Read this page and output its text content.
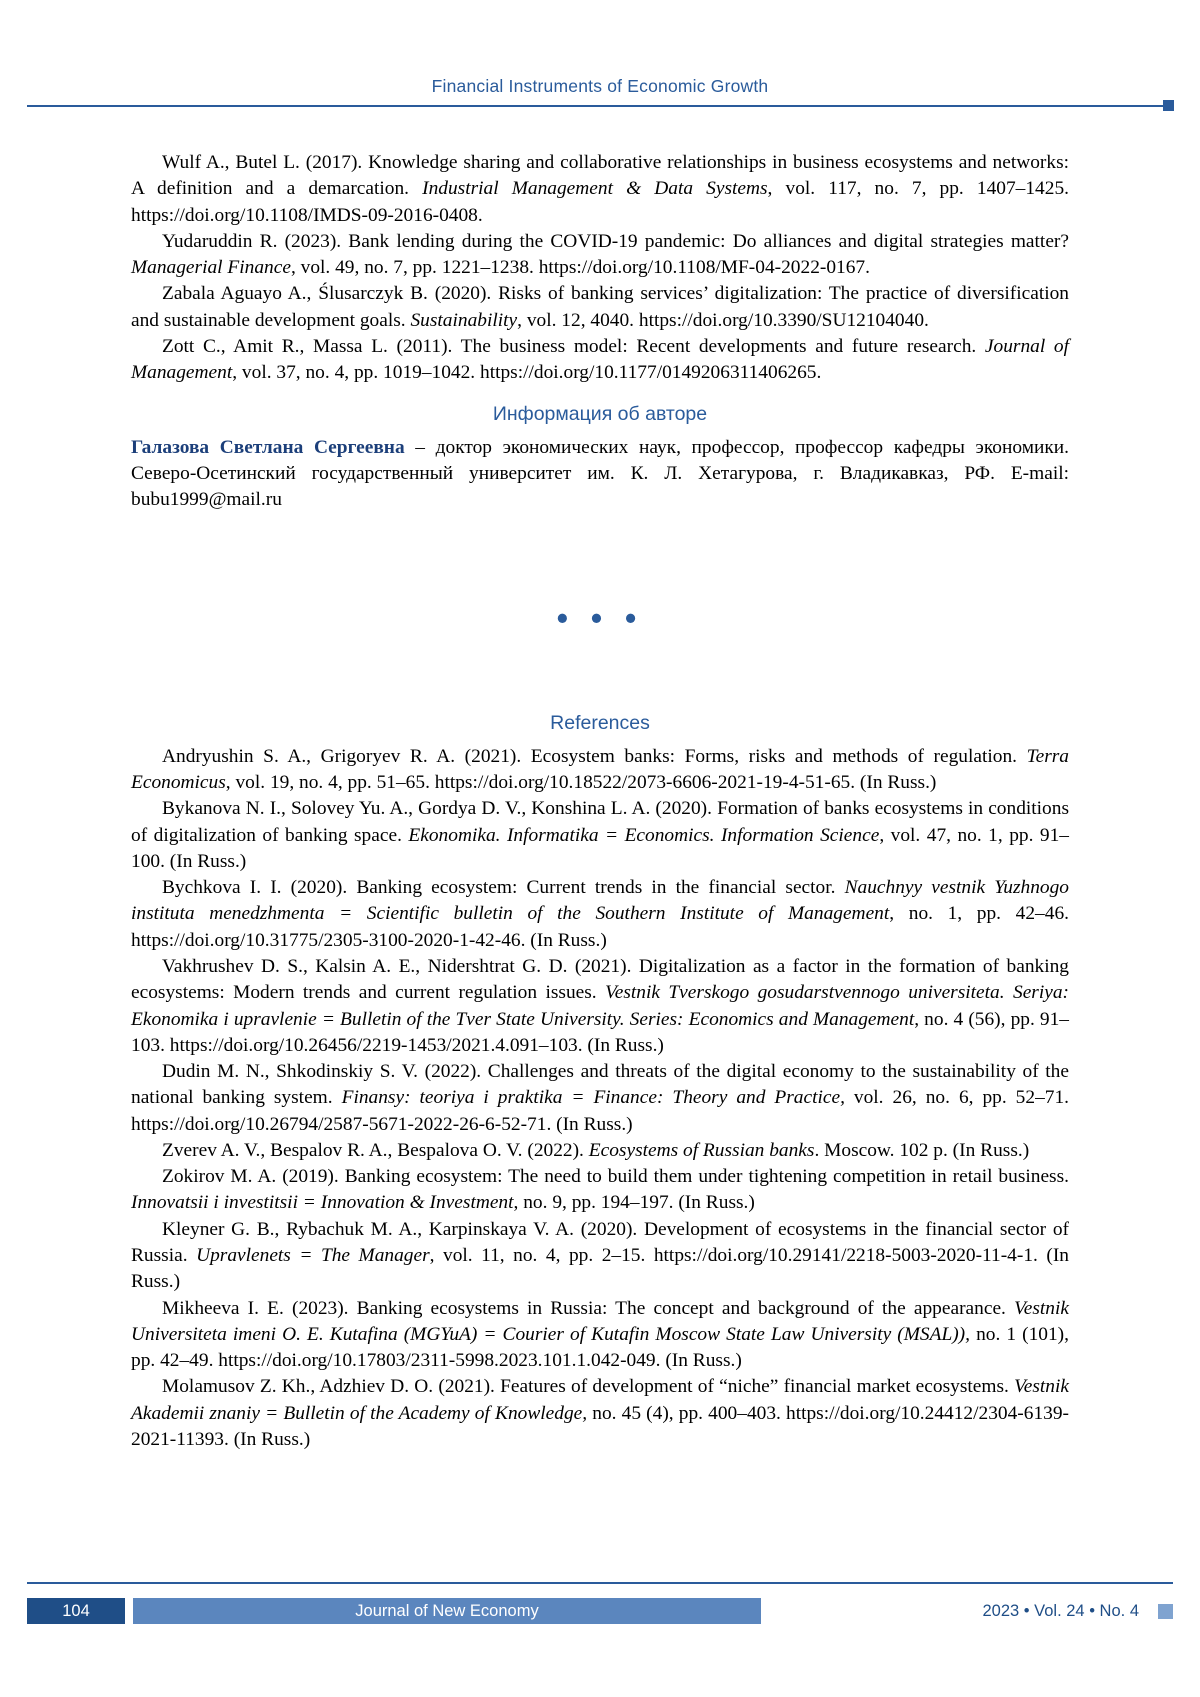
Financial Instruments of Economic Growth

Wulf A., Butel L. (2017). Knowledge sharing and collaborative relationships in business ecosystems and networks: A definition and a demarcation. Industrial Management & Data Systems, vol. 117, no. 7, pp. 1407–1425. https://doi.org/10.1108/IMDS-09-2016-0408.

Yudaruddin R. (2023). Bank lending during the COVID-19 pandemic: Do alliances and digital strategies matter? Managerial Finance, vol. 49, no. 7, pp. 1221–1238. https://doi.org/10.1108/MF-04-2022-0167.

Zabala Aguayo A., Ślusarczyk B. (2020). Risks of banking services’ digitalization: The practice of diversification and sustainable development goals. Sustainability, vol. 12, 4040. https://doi.org/10.3390/SU12104040.

Zott C., Amit R., Massa L. (2011). The business model: Recent developments and future research. Journal of Management, vol. 37, no. 4, pp. 1019–1042. https://doi.org/10.1177/0149206311406265.

Информация об авторе

Галазова Светлана Сергеевна – доктор экономических наук, профессор, профессор кафедры экономики. Северо-Осетинский государственный университет им. К. Л. Хетагурова, г. Владикавказ, РФ. E-mail: bubu1999@mail.ru

• • •

References

Andryushin S. A., Grigoryev R. A. (2021). Ecosystem banks: Forms, risks and methods of regulation. Terra Economicus, vol. 19, no. 4, pp. 51–65. https://doi.org/10.18522/2073-6606-2021-19-4-51-65. (In Russ.)

Bykanova N. I., Solovey Yu. A., Gordya D. V., Konshina L. A. (2020). Formation of banks ecosystems in conditions of digitalization of banking space. Ekonomika. Informatika = Economics. Information Science, vol. 47, no. 1, pp. 91–100. (In Russ.)

Bychkova I. I. (2020). Banking ecosystem: Current trends in the financial sector. Nauchnyy vestnik Yuzhnogo instituta menedzhmenta = Scientific bulletin of the Southern Institute of Management, no. 1, pp. 42–46. https://doi.org/10.31775/2305-3100-2020-1-42-46. (In Russ.)

Vakhrushev D. S., Kalsin A. E., Nidershtrat G. D. (2021). Digitalization as a factor in the formation of banking ecosystems: Modern trends and current regulation issues. Vestnik Tverskogo gosudarstvennogo universiteta. Seriya: Ekonomika i upravlenie = Bulletin of the Tver State University. Series: Economics and Management, no. 4 (56), pp. 91–103. https://doi.org/10.26456/2219-1453/2021.4.091–103. (In Russ.)

Dudin M. N., Shkodinskiy S. V. (2022). Challenges and threats of the digital economy to the sustainability of the national banking system. Finansy: teoriya i praktika = Finance: Theory and Practice, vol. 26, no. 6, pp. 52–71. https://doi.org/10.26794/2587-5671-2022-26-6-52-71. (In Russ.)

Zverev A. V., Bespalov R. A., Bespalova O. V. (2022). Ecosystems of Russian banks. Moscow. 102 p. (In Russ.)

Zokirov M. A. (2019). Banking ecosystem: The need to build them under tightening competition in retail business. Innovatsii i investitsii = Innovation & Investment, no. 9, pp. 194–197. (In Russ.)

Kleyner G. B., Rybachuk M. A., Karpinskaya V. A. (2020). Development of ecosystems in the financial sector of Russia. Upravlenets = The Manager, vol. 11, no. 4, pp. 2–15. https://doi.org/10.29141/2218-5003-2020-11-4-1. (In Russ.)

Mikheeva I. E. (2023). Banking ecosystems in Russia: The concept and background of the appearance. Vestnik Universiteta imeni O. E. Kutafina (MGYuA) = Courier of Kutafin Moscow State Law University (MSAL)), no. 1 (101), pp. 42–49. https://doi.org/10.17803/2311-5998.2023.101.1.042-049. (In Russ.)

Molamusov Z. Kh., Adzhiev D. O. (2021). Features of development of “niche” financial market ecosystems. Vestnik Akademii znaniy = Bulletin of the Academy of Knowledge, no. 45 (4), pp. 400–403. https://doi.org/10.24412/2304-6139-2021-11393. (In Russ.)

104	Journal of New Economy	2023 • Vol. 24 • No. 4
